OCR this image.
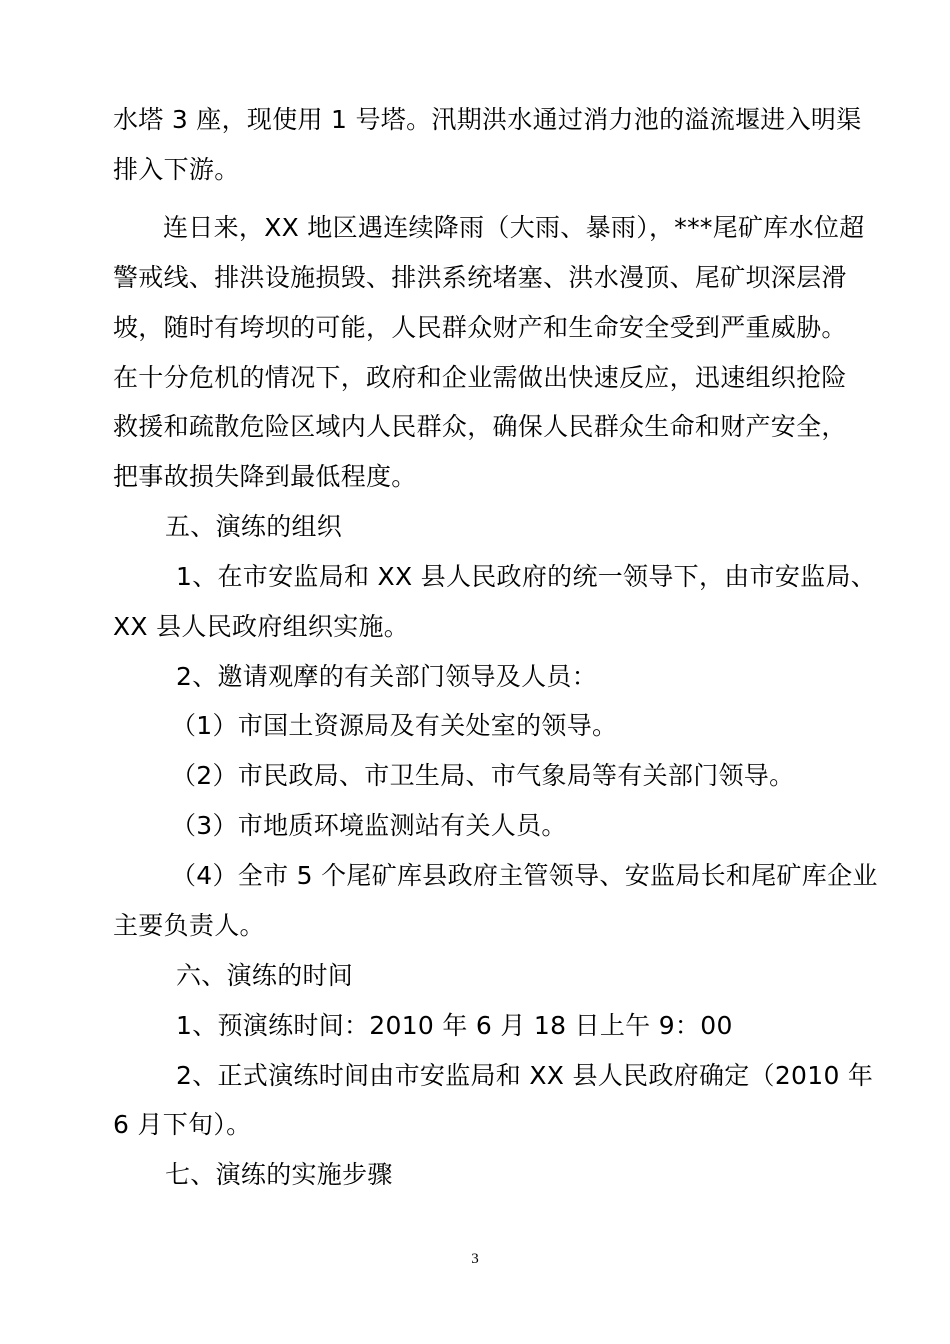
水塔 3 座，现使用 1 号塔。汛期洪水通过消力池的溢流堰进入明渠
排入下游。
连日来，XX 地区遇连续降雨（大雨、暴雨），***尾矿库水位超
警戒线、排洪设施损毁、排洪系统堵塞、洪水漫顶、尾矿坝深层滑
坡，随时有垮坝的可能，人民群众财产和生命安全受到严重威胁。
在十分危机的情况下，政府和企业需做出快速反应，迅速组织抢险
救援和疏散危险区域内人民群众，确保人民群众生命和财产安全，
把事故损失降到最低程度。
五、演练的组织
1、在市安监局和 XX 县人民政府的统一领导下，由市安监局、
XX 县人民政府组织实施。
2、邀请观摩的有关部门领导及人员：
（1）市国土资源局及有关处室的领导。
（2）市民政局、市卫生局、市气象局等有关部门领导。
（3）市地质环境监测站有关人员。
（4）全市 5 个尾矿库县政府主管领导、安监局长和尾矿库企业
主要负责人。
六、演练的时间
1、预演练时间：2010 年 6 月 18 日上午 9：00
2、正式演练时间由市安监局和 XX 县人民政府确定（2010 年
6 月下旬）。
七、演练的实施步骤
3
